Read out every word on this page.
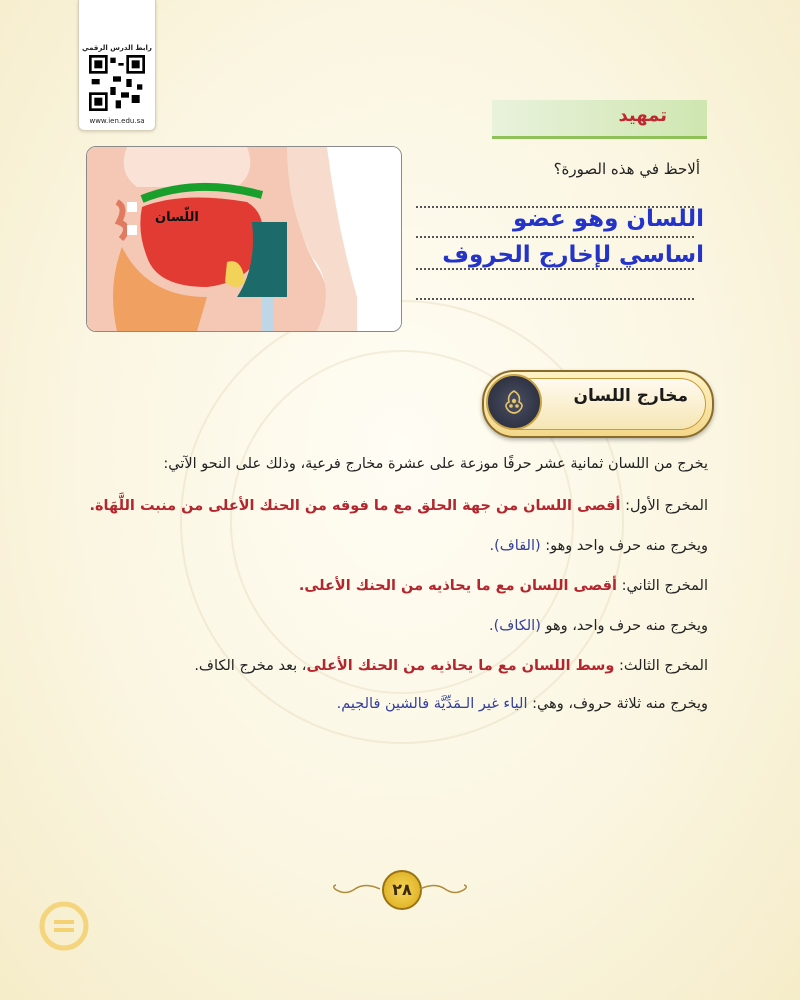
رابط الدرس الرقمي
www.ien.edu.sa	تمهيد
اللّسان
ألاحظ في هذه الصورة؟
اللسان وهو عضو
اساسي لإخارج الحروف
مخارج اللسان
يخرج من اللسان ثمانية عشر حرفًا موزعة على عشرة مخارج فرعية، وذلك على النحو الآتي:
المخرج الأول: أقصى اللسان من جهة الحلق مع ما فوقه من الحنك الأعلى من منبت اللَّهَاة.
ويخرج منه حرف واحد وهو: (القاف).
المخرج الثاني: أقصى اللسان مع ما يحاذيه من الحنك الأعلى.
ويخرج منه حرف واحد، وهو (الكاف).
المخرج الثالث: وسط اللسان مع ما يحاذيه من الحنك الأعلى، بعد مخرج الكاف.
ويخرج منه ثلاثة حروف، وهي: الياء غير الـمَدِّيَّة فالشين فالجيم.
٢٨
